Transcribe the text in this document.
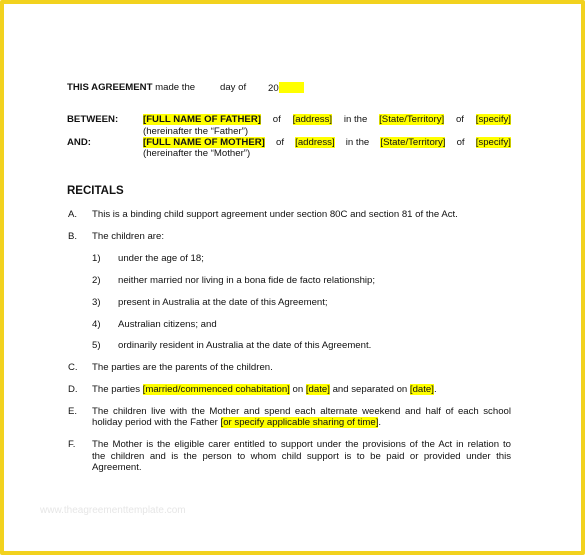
THIS AGREEMENT made the	day of 20
BETWEEN:	[FULL NAME OF FATHER] of [address] in the [State/Territory] of [specify]
(hereinafter the “Father”)
AND:	[FULL NAME OF MOTHER] of [address] in the [State/Territory] of [specify]
(hereinafter the “Mother”)
RECITALS
A. This is a binding child support agreement under section 80C and section 81 of the Act.
B. The children are:
1) under the age of 18;
2) neither married nor living in a bona fide de facto relationship;
3) present in Australia at the date of this Agreement;
4) Australian citizens; and
5) ordinarily resident in Australia at the date of this Agreement.
C. The parties are the parents of the children.
D. The parties [married/commenced cohabitation] on [date] and separated on [date].
E. The children live with the Mother and spend each alternate weekend and half of each school
holiday period with the Father [or specify applicable sharing of time].
F. The Mother is the eligible carer entitled to support under the provisions of the Act in relation to
the children and is the person to whom child support is to be paid or provided under this
Agreement.
www.theagreementtemplate.com
